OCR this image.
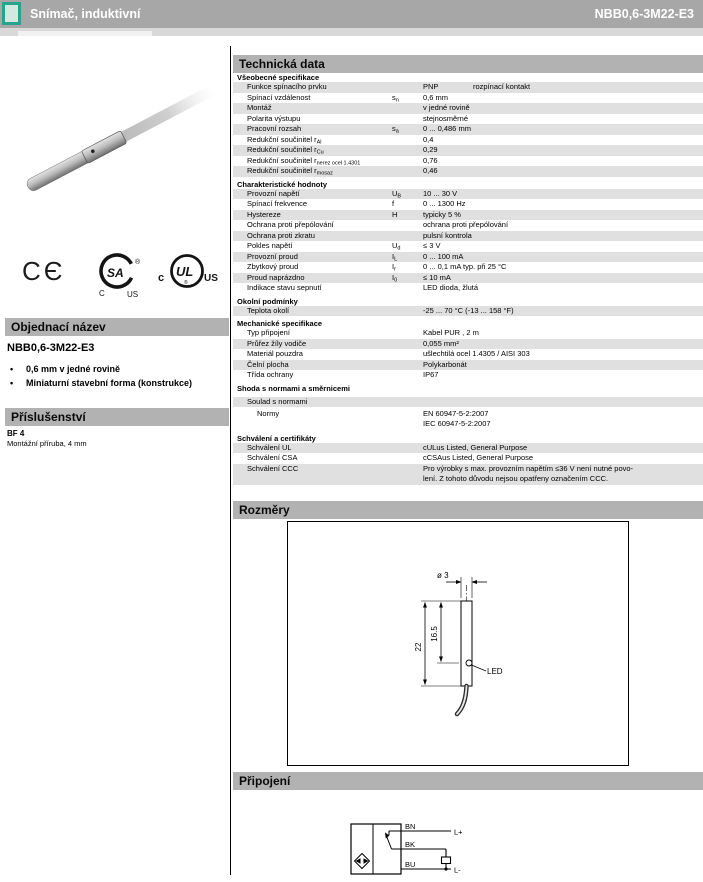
Snímač, induktivní	NBB0,6-3M22-E3
CЄ	SA
®
C	US
c UL
® US
Objednací název
NBB0,6-3M22-E3
•	0,6 mm v jedné rovině
•	Miniaturní stavební forma (konstrukce)
Příslušenství
BF 4
Montážní příruba, 4 mm
Technická data
Všeobecné specifikace
Funkce spínacího prvku	PNP	rozpínací kontakt
Spínací vzdálenost	$s_n$	0,6 mm
Montáž	v jedné rovině
Polarita výstupu	stejnosměrné
Pracovní rozsah	$s_a$	0 ... 0,486 mm
Redukční součinitel $r_{Al}$	0,4
Redukční součinitel $r_{Cu}$	0,29
Redukční součinitel $r_{nerez ocel 1.4301}$	0,76
Redukční součinitel $r_{mosaz}$	0,46
Charakteristické hodnoty
Provozní napětí	$U_B$	10 ... 30 V
Spínací frekvence	f	0 ... 1300 Hz
Hystereze	H	typicky 5 %
Ochrana proti přepólování	ochrana proti přepólování
Ochrana proti zkratu	pulsní kontrola
Pokles napětí	$U_d$	≤ 3 V
Provozní proud	$I_L$	0 ... 100 mA
Zbytkový proud	$I_r$	0 ... 0,1 mA typ. při 25 °C
Proud naprázdno	$I_0$	≤ 10 mA
Indikace stavu sepnutí	LED dioda, žlutá
Okolní podmínky
Teplota okolí	-25 ... 70 °C (-13 ... 158 °F)
Mechanické specifikace
Typ připojení	Kabel PUR , 2 m
Průřez žíly vodiče	0,055 mm²
Materiál pouzdra	ušlechtilá ocel 1.4305 / AISI 303
Čelní plocha	Polykarbonát
Třída ochrany	IP67
Shoda s normami a směrnicemi
Soulad s normami
Normy	EN 60947-5-2:2007
IEC 60947-5-2:2007
Schválení a certifikáty
Schválení UL	cULus Listed, General Purpose
Schválení CSA	cCSAus Listed, General Purpose
Schválení CCC	Pro výrobky s max. provozním napětím ≤36 V není nutné povo-
lení. Z tohoto důvodu nejsou opatřeny označením CCC.
Rozměry
ø 3
22
16.5
LED
Připojení
BN
BK
BU
L+
L-
